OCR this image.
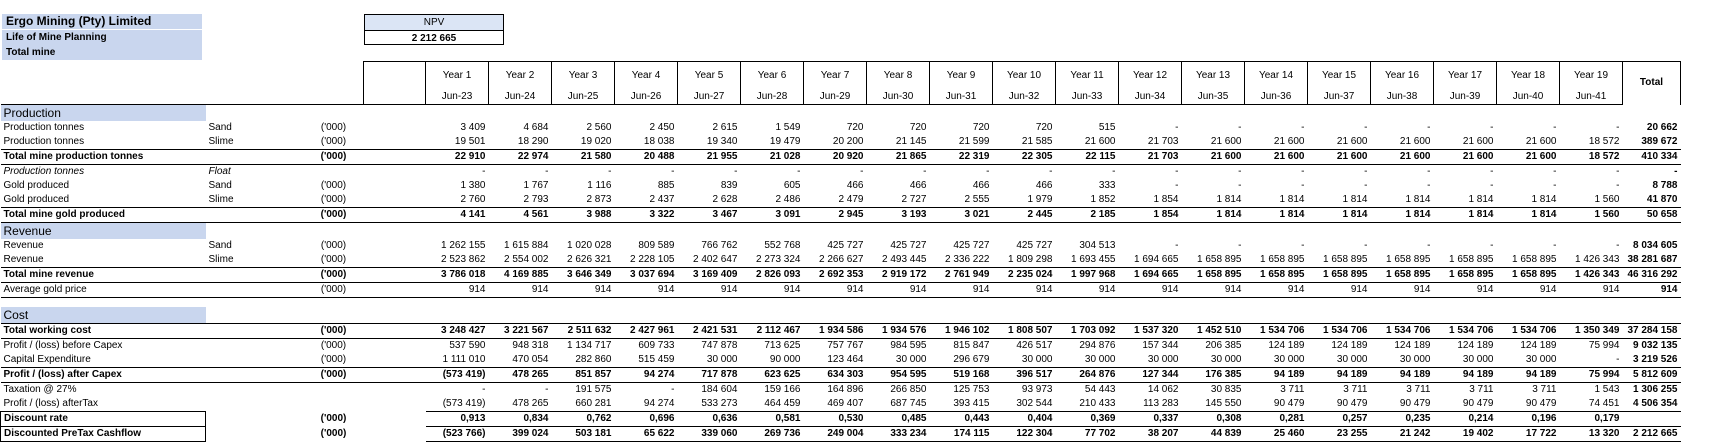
Ergo Mining (Pty) Limited
Life of Mine Planning
Total mine
NPV
2 212 665
				Year 1	Year 2	Year 3	Year 4	Year 5	Year 6	Year 7	Year 8	Year 9	Year 10	Year 11	Year 12	Year 13	Year 14	Year 15	Year 16	Year 17	Year 18	Year 19	Total
				Jun-23	Jun-24	Jun-25	Jun-26	Jun-27	Jun-28	Jun-29	Jun-30	Jun-31	Jun-32	Jun-33	Jun-34	Jun-35	Jun-36	Jun-37	Jun-38	Jun-39	Jun-40	Jun-41	
Production																							
Production tonnes	Sand	('000)		3 409	4 684	2 560	2 450	2 615	1 549	720	720	720	720	515	-	-	-	-	-	-	-	-	20 662
Production tonnes	Slime	('000)		19 501	18 290	19 020	18 038	19 340	19 479	20 200	21 145	21 599	21 585	21 600	21 703	21 600	21 600	21 600	21 600	21 600	21 600	18 572	389 672
Total mine production tonnes		('000)		22 910	22 974	21 580	20 488	21 955	21 028	20 920	21 865	22 319	22 305	22 115	21 703	21 600	21 600	21 600	21 600	21 600	21 600	18 572	410 334
Production tonnes	Float			-	-	-	-	-	-	-	-	-	-	-	-	-	-	-	-	-	-	-	-
Gold produced	Sand	('000)		1 380	1 767	1 116	885	839	605	466	466	466	466	333	-	-	-	-	-	-	-	-	8 788
Gold produced	Slime	('000)		2 760	2 793	2 873	2 437	2 628	2 486	2 479	2 727	2 555	1 979	1 852	1 854	1 814	1 814	1 814	1 814	1 814	1 814	1 560	41 870
Total mine gold produced		('000)		4 141	4 561	3 988	3 322	3 467	3 091	2 945	3 193	3 021	2 445	2 185	1 854	1 814	1 814	1 814	1 814	1 814	1 814	1 560	50 658
Revenue																							
Revenue	Sand	('000)		1 262 155	1 615 884	1 020 028	809 589	766 762	552 768	425 727	425 727	425 727	425 727	304 513	-	-	-	-	-	-	-	-	8 034 605
Revenue	Slime	('000)		2 523 862	2 554 002	2 626 321	2 228 105	2 402 647	2 273 324	2 266 627	2 493 445	2 336 222	1 809 298	1 693 455	1 694 665	1 658 895	1 658 895	1 658 895	1 658 895	1 658 895	1 658 895	1 426 343	38 281 687
Total mine revenue		('000)		3 786 018	4 169 885	3 646 349	3 037 694	3 169 409	2 826 093	2 692 353	2 919 172	2 761 949	2 235 024	1 997 968	1 694 665	1 658 895	1 658 895	1 658 895	1 658 895	1 658 895	1 658 895	1 426 343	46 316 292
Average gold price		('000)		914	914	914	914	914	914	914	914	914	914	914	914	914	914	914	914	914	914	914	914

Cost																							
Total working cost		('000)		3 248 427	3 221 567	2 511 632	2 427 961	2 421 531	2 112 467	1 934 586	1 934 576	1 946 102	1 808 507	1 703 092	1 537 320	1 452 510	1 534 706	1 534 706	1 534 706	1 534 706	1 534 706	1 350 349	37 284 158
Profit / (loss) before Capex		('000)		537 590	948 318	1 134 717	609 733	747 878	713 625	757 767	984 595	815 847	426 517	294 876	157 344	206 385	124 189	124 189	124 189	124 189	124 189	75 994	9 032 135
Capital Expenditure		('000)		1 111 010	470 054	282 860	515 459	30 000	90 000	123 464	30 000	296 679	30 000	30 000	30 000	30 000	30 000	30 000	30 000	30 000	30 000	-	3 219 526
Profit / (loss) after Capex		('000)		(573 419)	478 265	851 857	94 274	717 878	623 625	634 303	954 595	519 168	396 517	264 876	127 344	176 385	94 189	94 189	94 189	94 189	94 189	75 994	5 812 609
Taxation @ 27%				-	-	191 575	-	184 604	159 166	164 896	266 850	125 753	93 973	54 443	14 062	30 835	3 711	3 711	3 711	3 711	3 711	1 543	1 306 255
Profit / (loss) afterTax				(573 419)	478 265	660 281	94 274	533 273	464 459	469 407	687 745	393 415	302 544	210 433	113 283	145 550	90 479	90 479	90 479	90 479	90 479	74 451	4 506 354
Discount rate		('000)		0,913	0,834	0,762	0,696	0,636	0,581	0,530	0,485	0,443	0,404	0,369	0,337	0,308	0,281	0,257	0,235	0,214	0,196	0,179	
Discounted PreTax Cashflow		('000)		(523 766)	399 024	503 181	65 622	339 060	269 736	249 004	333 234	174 115	122 304	77 702	38 207	44 839	25 460	23 255	21 242	19 402	17 722	13 320	2 212 665
